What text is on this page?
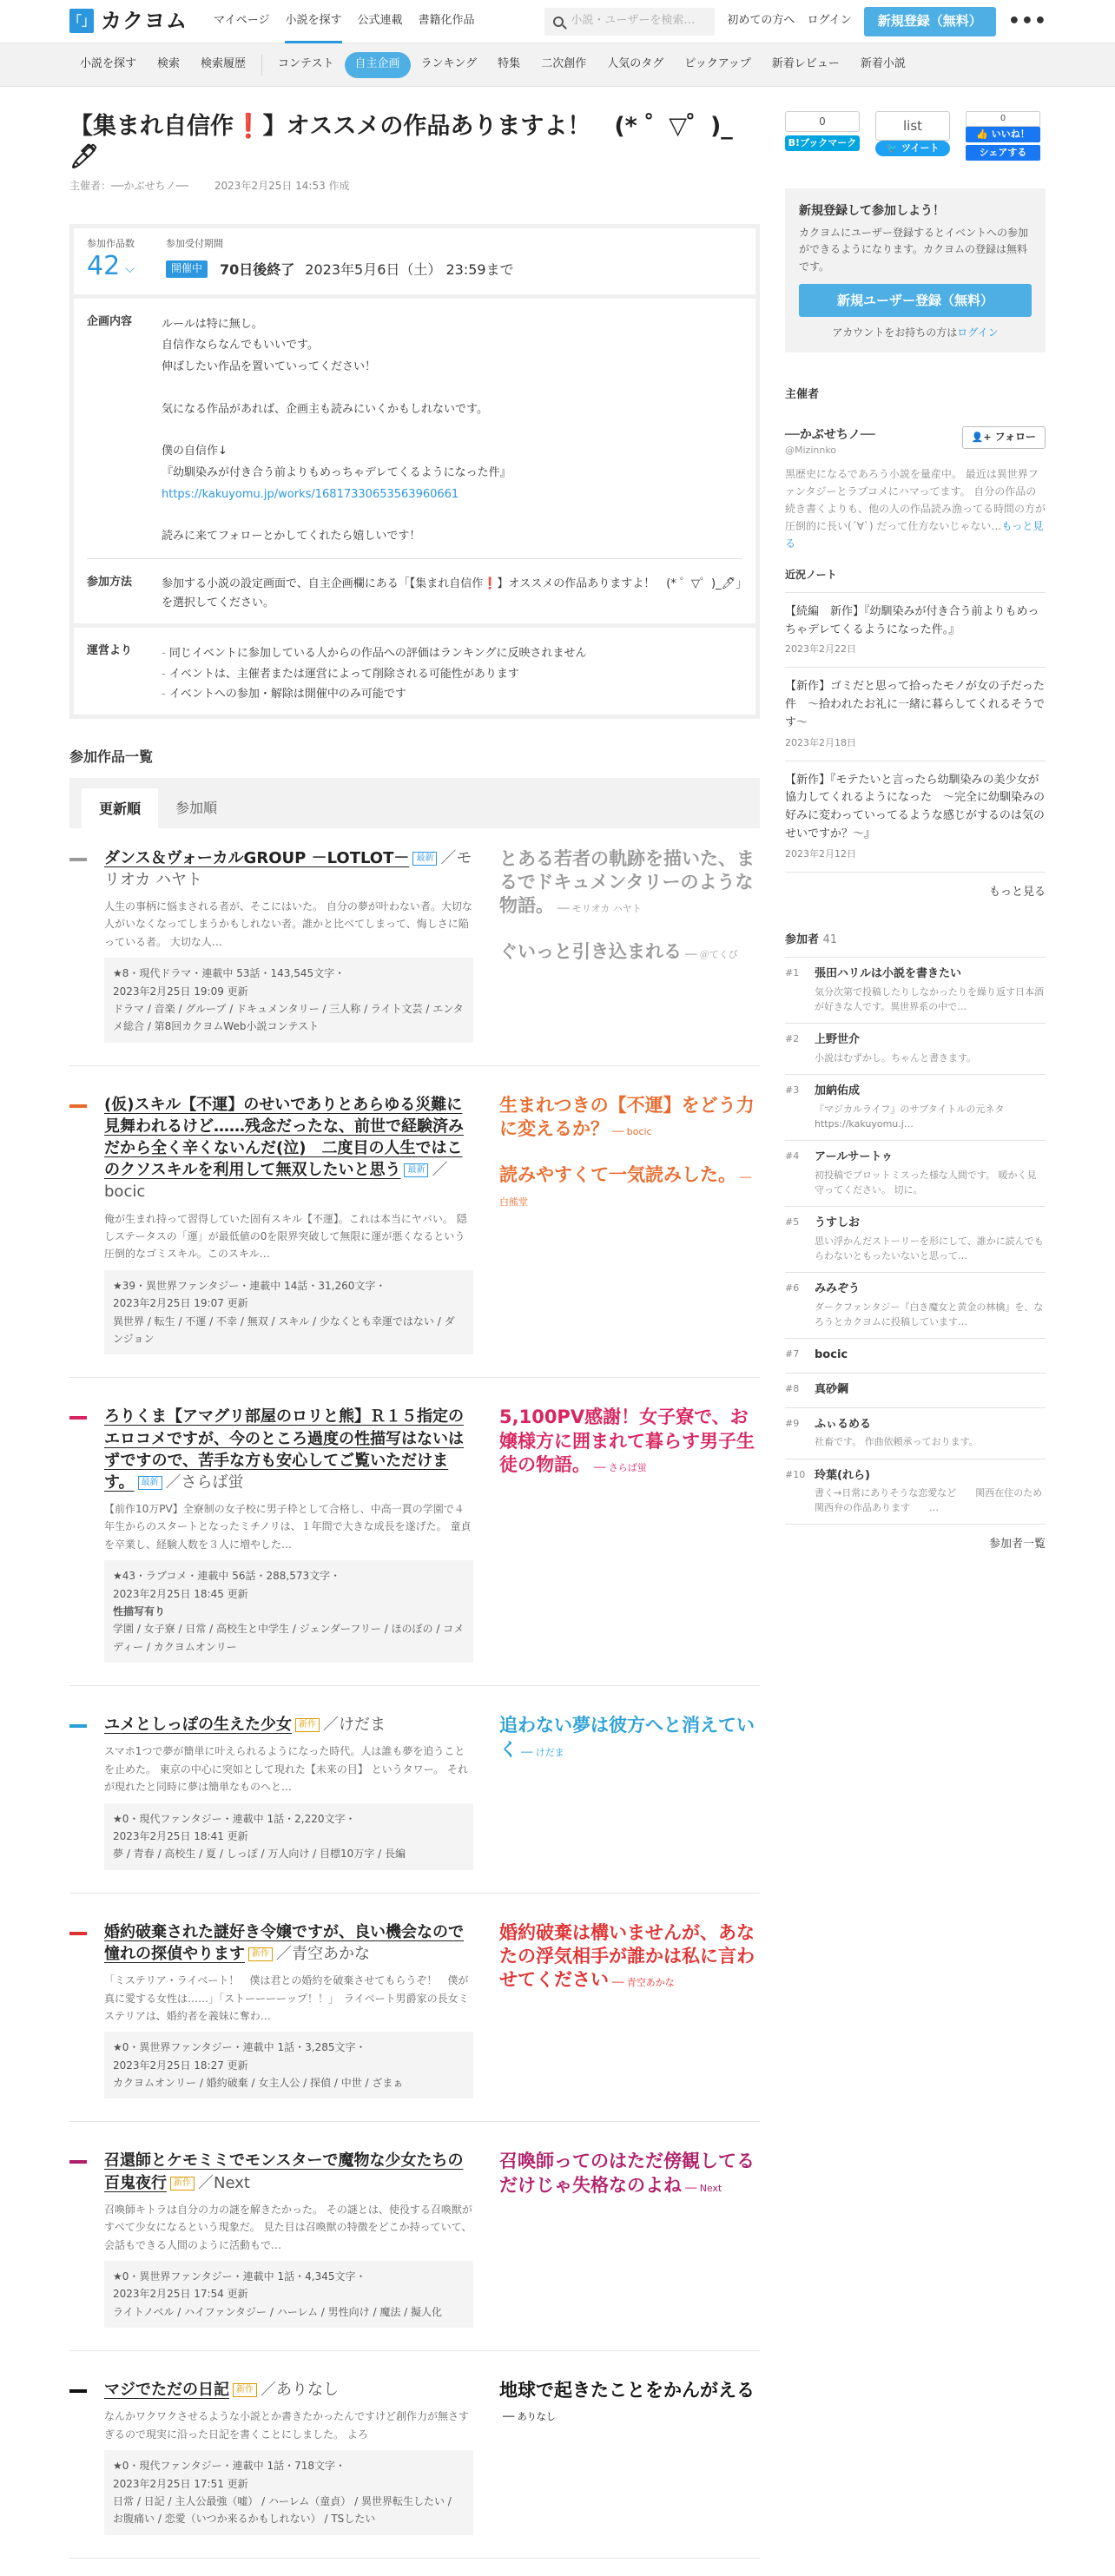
「」 カクヨム マイページ 小説を探す 公式連載 書籍化作品	小説・ユーザーを検索…	初めての方へ ログイン	新規登録（無料）	•••
小説を探す	検索	検索履歴	コンテスト	自主企画	ランキング	特集	二次創作	人気のタグ	ピックアップ	新着レビュー	新着小説
【集まれ自信作❗】オススメの作品ありますよ！　(* ゜▽゜)_🖊
主催者：──かぶせちノ──	2023年2月25日 14:53 作成
参加作品数
42 ⌵
参加受付期間
開催中	70日後終了 2023年5月6日（土） 23:59まで
企画内容	ルールは特に無し。
自信作ならなんでもいいです。
伸ばしたい作品を置いていってください！
気になる作品があれば、企画主も読みにいくかもしれないです。
僕の自信作↓
『幼馴染みが付き合う前よりもめっちゃデレてくるようになった件』
https://kakuyomu.jp/works/16817330653563960661
読みに来てフォローとかしてくれたら嬉しいです！
参加方法	参加する小説の設定画面で、自主企画欄にある「【集まれ自信作❗】オススメの作品ありますよ！　(* ゜▽゜)_🖊」を選択してください。
運営より
-	同じイベントに参加している人からの作品への評価はランキングに反映されません
- イベントは、主催者または運営によって削除される可能性があります
- イベントへの参加・解除は開催中のみ可能です
参加作品一覧
更新順	参加順
ダンス＆ヴォーカルGROUP －LOTLOT－ 最新 ／モリオカ ハヤト
人生の事柄に悩まされる者が、そこにはいた。 自分の夢が叶わない者。大切な人がいなくなってしまうかもしれない者。誰かと比べてしまって、悔しさに陥っている者。 大切な人…
★8・現代ドラマ・連載中 53話・143,545文字・
2023年2月25日 19:09 更新
ドラマ / 音楽 / グループ / ドキュメンタリー / 三人称 / ライト文芸 / エンタメ総合 / 第8回カクヨムWeb小説コンテスト
とある若者の軌跡を描いた、まるでドキュメンタリーのような物語。 ── モリオカ ハヤト
ぐいっと引き込まれる ── ＠てくび
(仮)スキル【不運】のせいでありとあらゆる災難に見舞われるけど……残念だったな、前世で経験済みだから全く辛くないんだ(泣)　二度目の人生ではこのクソスキルを利用して無双したいと思う 最新 ／bocic
俺が生まれ持って習得していた固有スキル【不運】。これは本当にヤバい。 隠しステータスの「運」が最低値の0を限界突破して無限に運が悪くなるという圧倒的なゴミスキル。このスキル…
★39・異世界ファンタジー・連載中 14話・31,260文字・
2023年2月25日 19:07 更新
異世界 / 転生 / 不運 / 不幸 / 無双 / スキル / 少なくとも幸運ではない / ダンジョン
生まれつきの【不運】をどう力に変えるか？ ── bocic
読みやすくて一気読みした。 ── 白熊堂
ろりくま【アマグリ部屋のロリと熊】Ｒ１５指定のエロコメですが、今のところ過度の性描写はないはずですので、苦手な方も安心してご覧いただけます。 最新 ／さらば蛍
【前作10万PV】全寮制の女子校に男子枠として合格し、中高一貫の学園で４年生からのスタートとなったミチノリは、１年間で大きな成長を遂げた。 童貞を卒業し、経験人数を３人に増やした…
★43・ラブコメ・連載中 56話・288,573文字・
2023年2月25日 18:45 更新
性描写有り
学園 / 女子寮 / 日常 / 高校生と中学生 / ジェンダーフリー / ほのぼの / コメディー / カクヨムオンリー
5,100PV感謝！女子寮で、お嬢様方に囲まれて暮らす男子生徒の物語。 ── さらば蛍
ユメとしっぽの生えた少女 新作 ／けだま
スマホ1つで夢が簡単に叶えられるようになった時代。人は誰も夢を追うことを止めた。 東京の中心に突如として現れた【未来の目】 というタワー。 それが現れたと同時に夢は簡単なものへと…
★0・現代ファンタジー・連載中 1話・2,220文字・
2023年2月25日 18:41 更新
夢 / 青春 / 高校生 / 夏 / しっぽ / 万人向け / 目標10万字 / 長編
追わない夢は彼方へと消えていく ── けだま
婚約破棄された謎好き令嬢ですが、良い機会なので憧れの探偵やります 新作 ／青空あかな
「ミステリア・ライベート！　僕は君との婚約を破棄させてもらうぞ！　僕が真に愛する女性は……」「ストーーーーップ！！」　ライベート男爵家の長女ミステリアは、婚約者を義妹に奪わ…
★0・異世界ファンタジー・連載中 1話・3,285文字・
2023年2月25日 18:27 更新
カクヨムオンリー / 婚約破棄 / 女主人公 / 探偵 / 中世 / ざまぁ
婚約破棄は構いませんが、あなたの浮気相手が誰かは私に言わせてください ── 青空あかな
召還師とケモミミでモンスターで魔物な少女たちの百鬼夜行 新作 ／Next
召喚師キトラは自分の力の謎を解きたかった。 その謎とは、使役する召喚獣がすべて少女になるという現象だ。 見た目は召喚獣の特徴をどこか持っていて、会話もできる人間のように活動もで…
★0・異世界ファンタジー・連載中 1話・4,345文字・
2023年2月25日 17:54 更新
ライトノベル / ハイファンタジー / ハーレム / 男性向け / 魔法 / 擬人化
召喚師ってのはただ傍観してるだけじゃ失格なのよね ── Next
マジでただの日記 新作 ／ありなし
なんかワクワクさせるような小説とか書きたかったんですけど創作力が無さすぎるので現実に沿った日記を書くことにしました。 よろ
★0・現代ファンタジー・連載中 1話・718文字・
2023年2月25日 17:51 更新
日常 / 日記 / 主人公最強（嘘） / ハーレム（童貞） / 異世界転生したい / お腹痛い / 恋愛（いつか来るかもしれない） / TSしたい
地球で起きたことをかんがえる── ありなし
0
B!ブックマーク
list
🐦 ツイート
0
👍 いいね！
シェアする
新規登録して参加しよう！

カクヨムにユーザー登録するとイベントへの参加ができるようになります。カクヨムの登録は無料です。

新規ユーザー登録（無料）
アカウントをお持ちの方はログイン
主催者
──かぶせちノ──
@Mizinnko
👤+ フォロー
黒歴史になるであろう小説を量産中。 最近は異世界ファンタジーとラブコメにハマってます。 自分の作品の続き書くよりも、他の人の作品読み漁ってる時間の方が圧倒的に長い(´∀`) だって仕方ないじゃない…もっと見る
近況ノート
【続編　新作】『幼馴染みが付き合う前よりもめっちゃデレてくるようになった件。』
2023年2月22日
【新作】ゴミだと思って拾ったモノが女の子だった件　〜拾われたお礼に一緒に暮らしてくれるそうです〜
2023年2月18日
【新作】『モテたいと言ったら幼馴染みの美少女が協力してくれるようになった　～完全に幼馴染みの好みに変わっていってるような感じがするのは気のせいですか？～』
2023年2月12日
もっと見る
参加者 41
#1	張田ハリルは小説を書きたい
気分次第で投稿したりしなかったりを繰り返す日本酒が好きな人です。異世界系の中で…
#2	上野世介
小説はむずかし。ちゃんと書きます。
#3	加納佑成
『マジカルライフ』のサブタイトルの元ネタ https://kakuyomu.j…
#4	アールサートゥ
初投稿でプロットミスった様な人間です。 暖かく見守ってください。 切に。
#5	うすしお
思い浮かんだストーリーを形にして、誰かに読んでもらわないともったいないと思って…
#6	みみぞう
ダークファンタジー『白き魔女と黄金の林檎』を、なろうとカクヨムに投稿しています…
#7	bocic
#8	真砂鋼
#9	ふぃるめる
社畜です。 作曲依頼承っております。
#10 玲葉(れら)
書く→日常にありそうな恋愛など　　関西在住のため関西弁の作品あります　　…
参加者一覧
